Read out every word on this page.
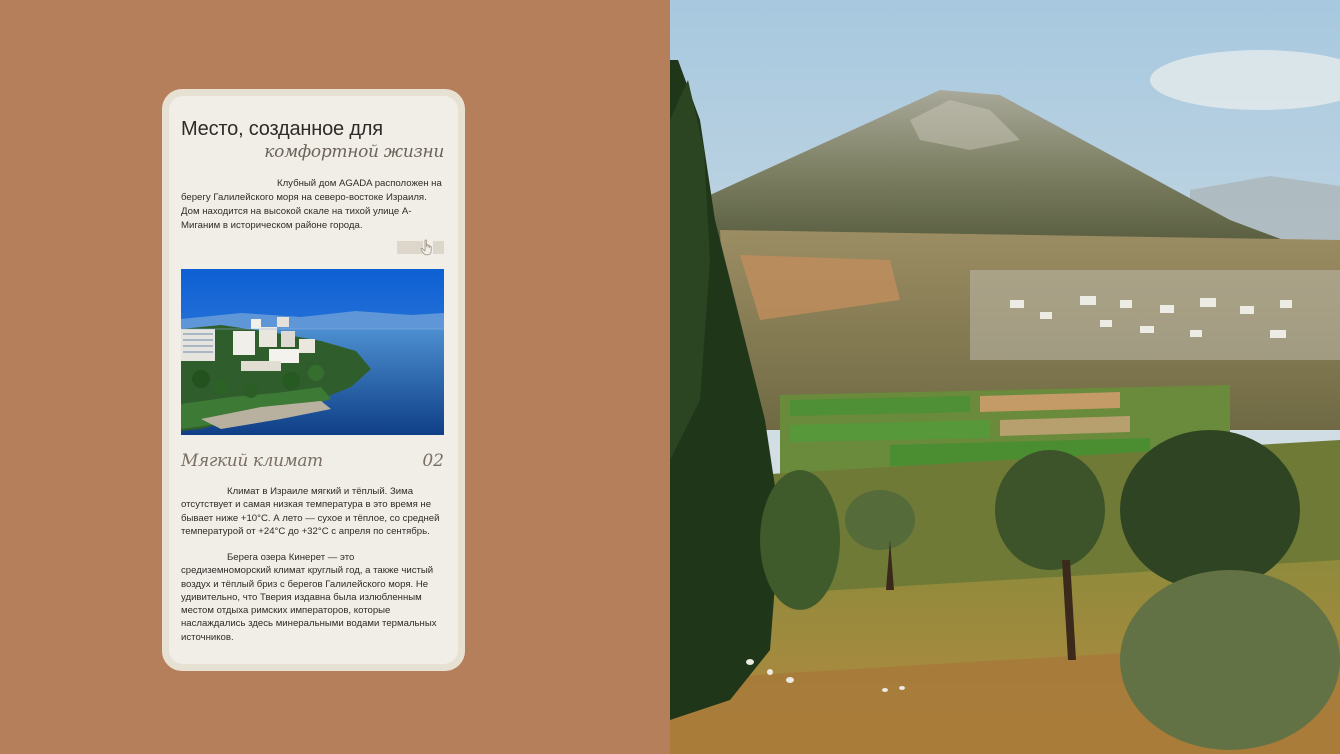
Место, созданное для
комфортной жизни

Клубный дом AGADA расположен на берегу Галилейского моря на северо-востоке Израиля. Дом находится на высокой скале на тихой улице А-Миганим в историческом районе города.

Мягкий климат	02

Климат в Израиле мягкий и тёплый. Зима отсутствует и самая низкая температура в это время не бывает ниже +10°C. А лето — сухое и тёплое, со средней температурой от +24°C до +32°C с апреля по сентябрь.

Берега озера Кинерет — это средиземноморский климат круглый год, а также чистый воздух и тёплый бриз с берегов Галилейского моря. Не удивительно, что Тверия издавна была излюбленным местом отдыха римских императоров, которые наслаждались здесь минеральными водами термальных источников.
